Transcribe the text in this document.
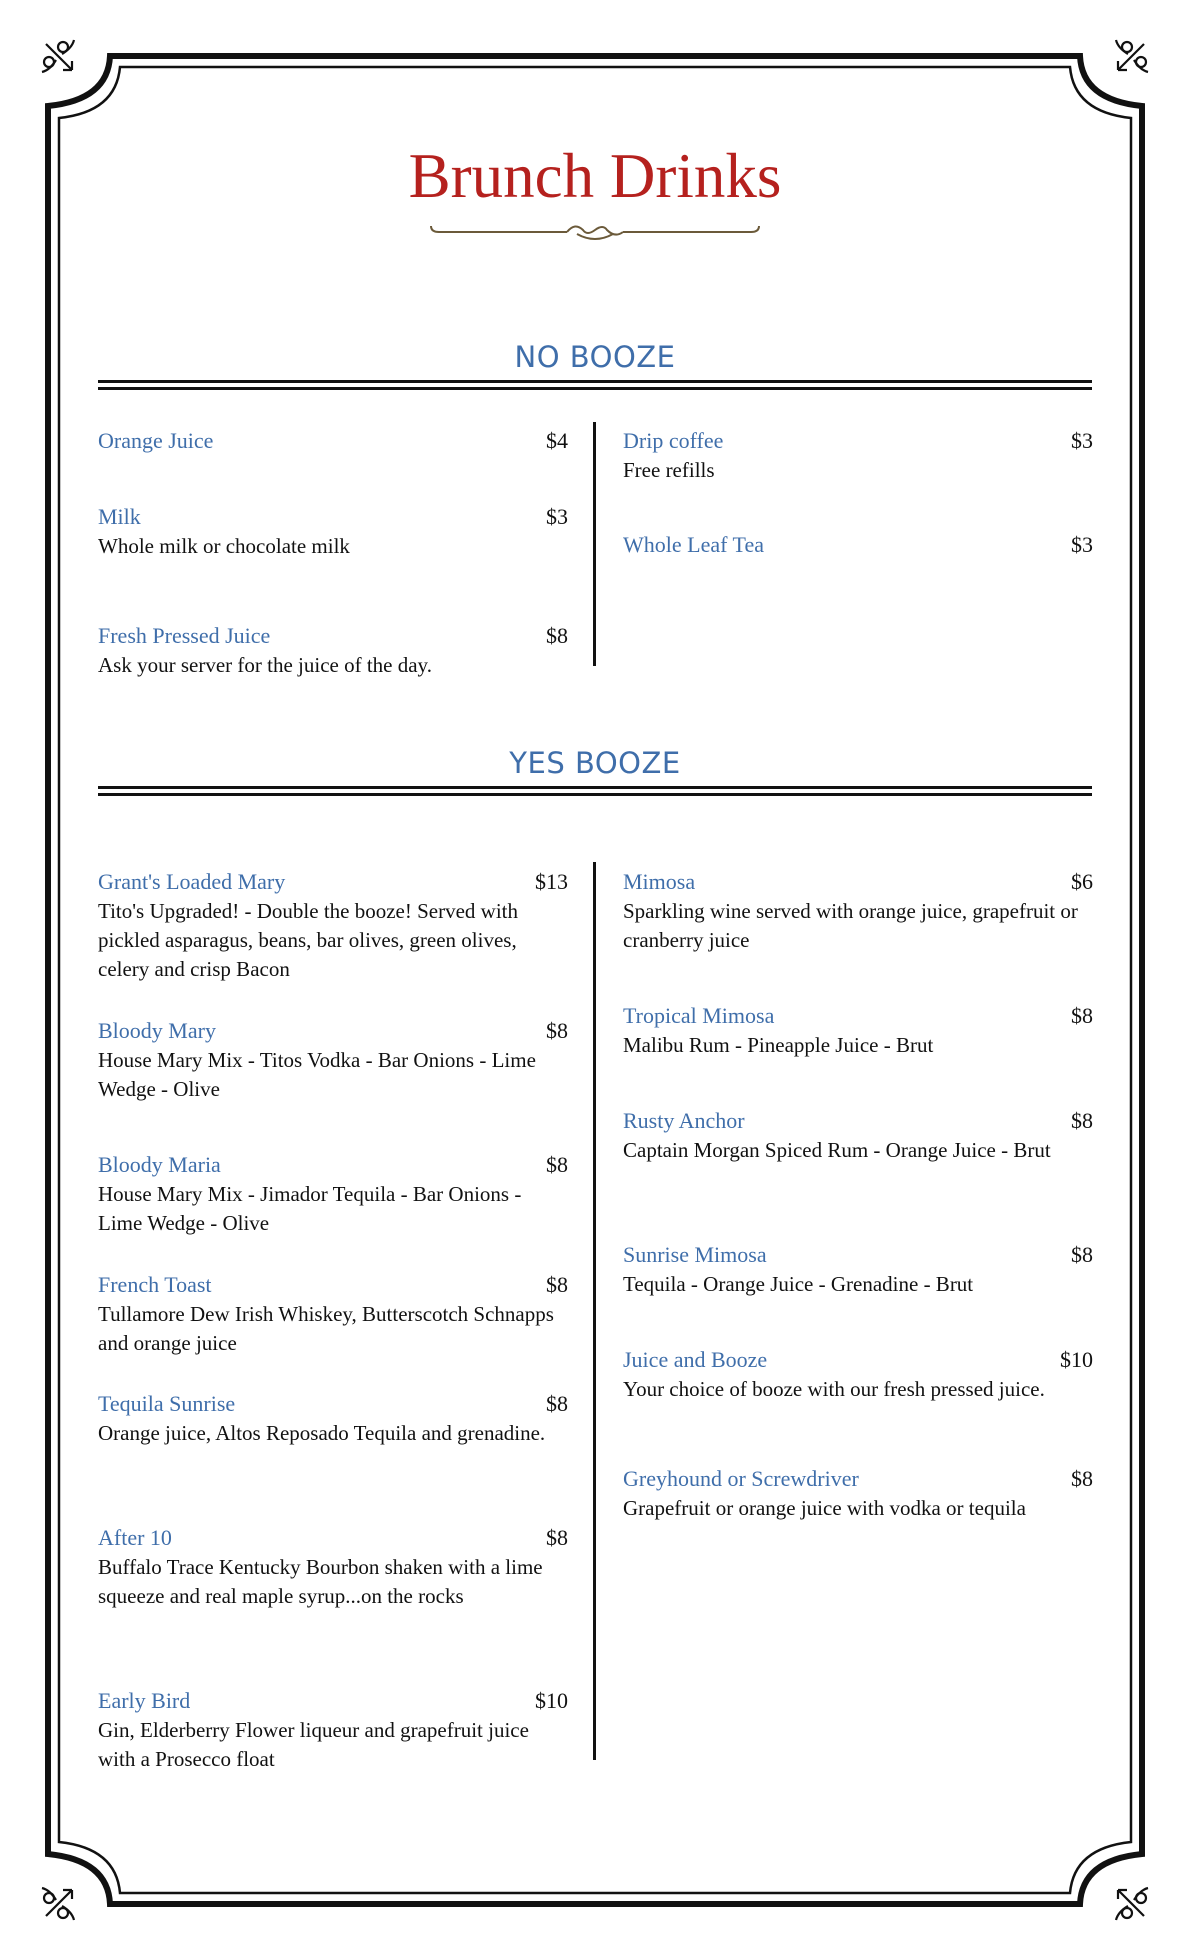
Brunch Drinks
NO BOOZE
Orange Juice	$4
Milk	$3

Whole milk or chocolate milk

Fresh Pressed Juice	$8

Ask your server for the juice of the day.

Drip coffee	$3

Free refills

Whole Leaf Tea	$3
YES BOOZE
Grant's Loaded Mary	$13

Tito's Upgraded! - Double the booze! Served with pickled asparagus, beans, bar olives, green olives, celery and crisp Bacon

Bloody Mary	$8

House Mary Mix - Titos Vodka - Bar Onions - Lime Wedge - Olive

Bloody Maria	$8

House Mary Mix - Jimador Tequila - Bar Onions - Lime Wedge - Olive

French Toast	$8

Tullamore Dew Irish Whiskey, Butterscotch Schnapps and orange juice

Tequila Sunrise	$8

Orange juice, Altos Reposado Tequila and grenadine.

After 10	$8

Buffalo Trace Kentucky Bourbon shaken with a lime squeeze and real maple syrup...on the rocks

Early Bird	$10

Gin, Elderberry Flower liqueur and grapefruit juice with a Prosecco float

Mimosa	$6

Sparkling wine served with orange juice, grapefruit or cranberry juice

Tropical Mimosa	$8

Malibu Rum - Pineapple Juice - Brut

Rusty Anchor	$8

Captain Morgan Spiced Rum - Orange Juice - Brut

Sunrise Mimosa	$8

Tequila - Orange Juice - Grenadine - Brut

Juice and Booze	$10

Your choice of booze with our fresh pressed juice.

Greyhound or Screwdriver	$8

Grapefruit or orange juice with vodka or tequila
